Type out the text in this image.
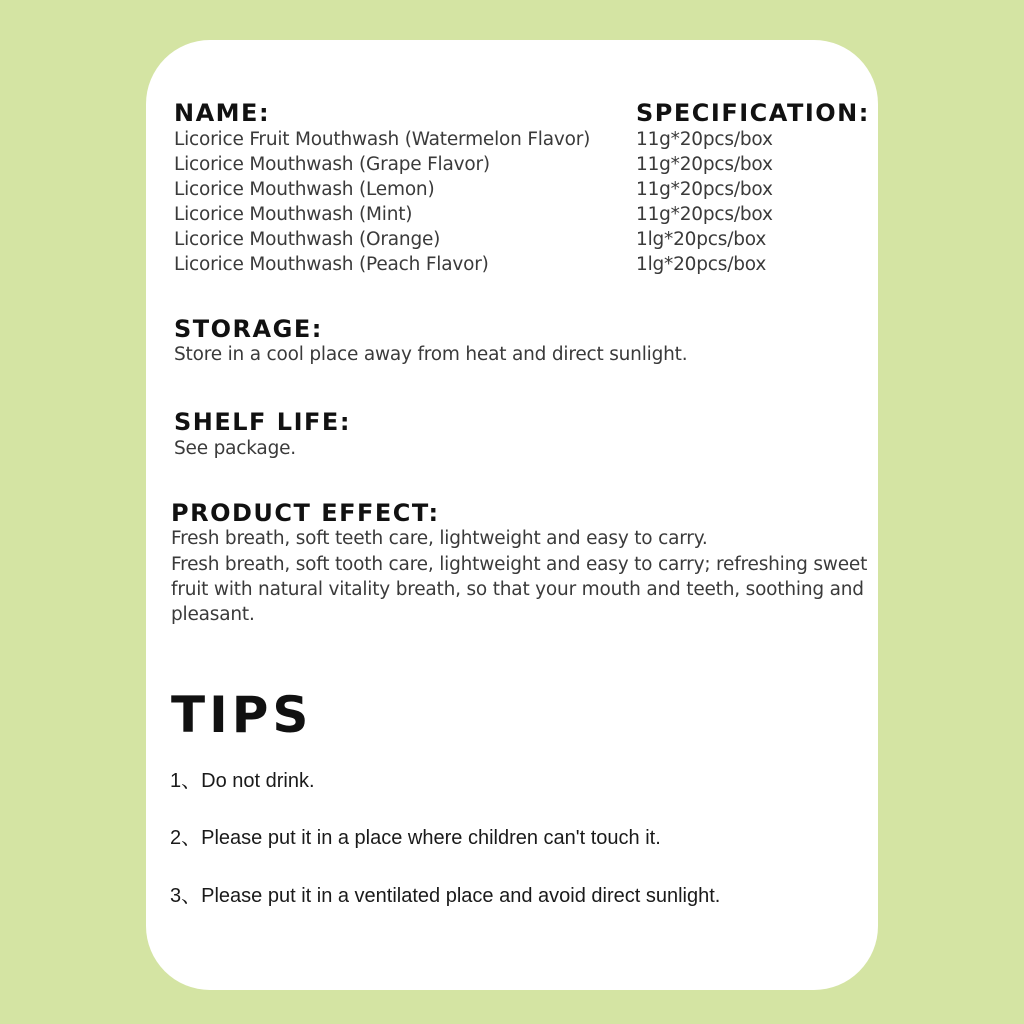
NAME:
Licorice Fruit Mouthwash (Watermelon Flavor)
Licorice Mouthwash (Grape Flavor)
Licorice Mouthwash (Lemon)
Licorice Mouthwash (Mint)
Licorice Mouthwash (Orange)
Licorice Mouthwash (Peach Flavor)
SPECIFICATION:
11g*20pcs/box
11g*20pcs/box
11g*20pcs/box
11g*20pcs/box
1lg*20pcs/box
1lg*20pcs/box
STORAGE:
Store in a cool place away from heat and direct sunlight.
SHELF LIFE:
See package.
PRODUCT EFFECT:
Fresh breath, soft teeth care, lightweight and easy to carry.
Fresh breath, soft tooth care, lightweight and easy to carry; refreshing sweet
fruit with natural vitality breath, so that your mouth and teeth, soothing and
pleasant.
TIPS
1、Do not drink.
2、Please put it in a place where children can't touch it.
3、Please put it in a ventilated place and avoid direct sunlight.
